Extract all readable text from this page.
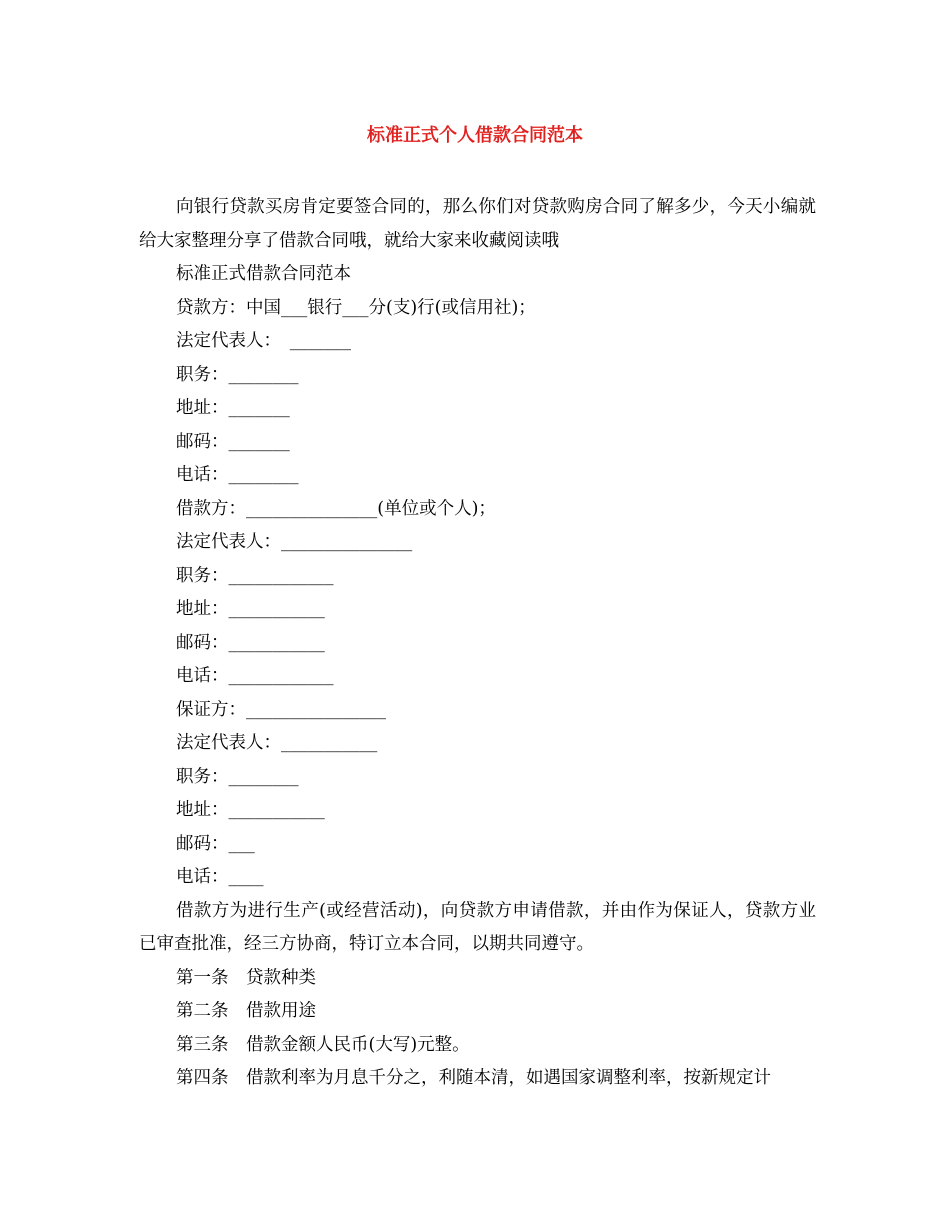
标准正式个人借款合同范本

向银行贷款买房肯定要签合同的，那么你们对贷款购房合同了解多少，今天小编就给大家整理分享了借款合同哦，就给大家来收藏阅读哦

标准正式借款合同范本

贷款方：中国___银行___分(支)行(或信用社)；

法定代表人：　_______

职务：________

地址：_______

邮码：_______

电话：________

借款方：_______________(单位或个人)；

法定代表人：_______________

职务：____________

地址：___________

邮码：___________

电话：____________

保证方：________________

法定代表人：___________

职务：________

地址：___________

邮码：___

电话：____

借款方为进行生产(或经营活动)，向贷款方申请借款，并由作为保证人，贷款方业已审查批准，经三方协商，特订立本合同，以期共同遵守。

第一条　贷款种类

第二条　借款用途

第三条　借款金额人民币(大写)元整。

第四条　借款利率为月息千分之，利随本清，如遇国家调整利率，按新规定计
